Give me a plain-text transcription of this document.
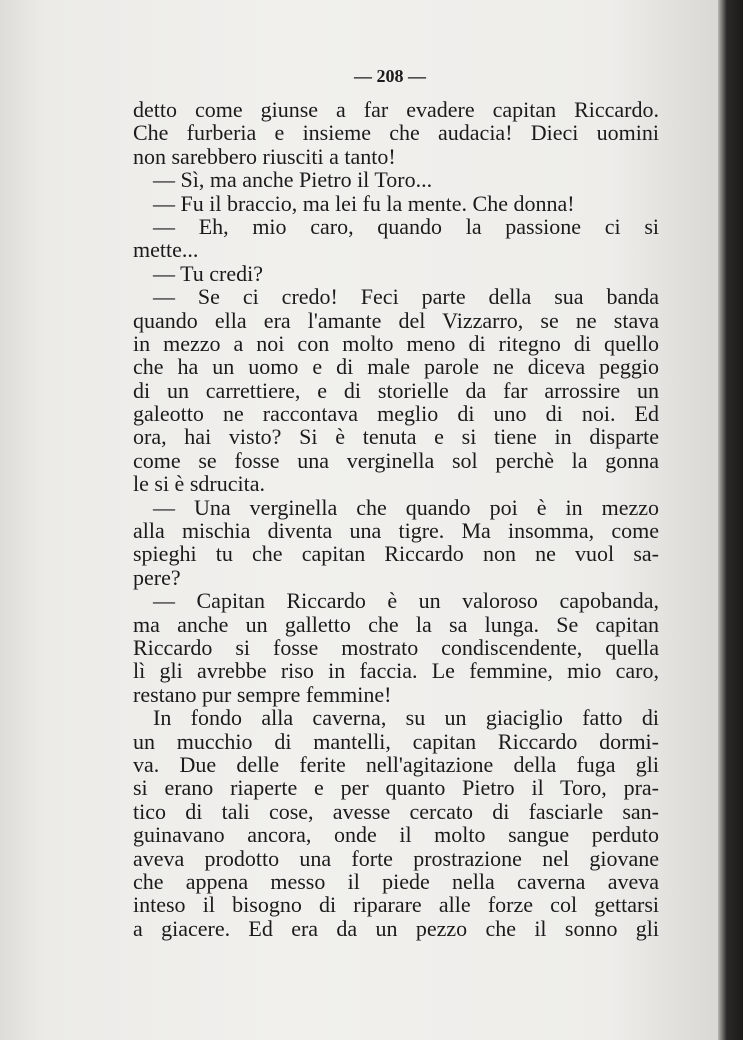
— 208 —
detto come giunse a far evadere capitan Riccardo.
Che furberia e insieme che audacia! Dieci uomini
non sarebbero riusciti a tanto!
— Sì, ma anche Pietro il Toro...
— Fu il braccio, ma lei fu la mente. Che donna!
— Eh, mio caro, quando la passione ci si
mette...
— Tu credi?
— Se ci credo! Feci parte della sua banda
quando ella era l'amante del Vizzarro, se ne stava
in mezzo a noi con molto meno di ritegno di quello
che ha un uomo e di male parole ne diceva peggio
di un carrettiere, e di storielle da far arrossire un
galeotto ne raccontava meglio di uno di noi. Ed
ora, hai visto? Si è tenuta e si tiene in disparte
come se fosse una verginella sol perchè la gonna
le si è sdrucita.
— Una verginella che quando poi è in mezzo
alla mischia diventa una tigre. Ma insomma, come
spieghi tu che capitan Riccardo non ne vuol sa-
pere?
— Capitan Riccardo è un valoroso capobanda,
ma anche un galletto che la sa lunga. Se capitan
Riccardo si fosse mostrato condiscendente, quella
lì gli avrebbe riso in faccia. Le femmine, mio caro,
restano pur sempre femmine!
In fondo alla caverna, su un giaciglio fatto di
un mucchio di mantelli, capitan Riccardo dormi-
va. Due delle ferite nell'agitazione della fuga gli
si erano riaperte e per quanto Pietro il Toro, pra-
tico di tali cose, avesse cercato di fasciarle san-
guinavano ancora, onde il molto sangue perduto
aveva prodotto una forte prostrazione nel giovane
che appena messo il piede nella caverna aveva
inteso il bisogno di riparare alle forze col gettarsi
a giacere. Ed era da un pezzo che il sonno gli
